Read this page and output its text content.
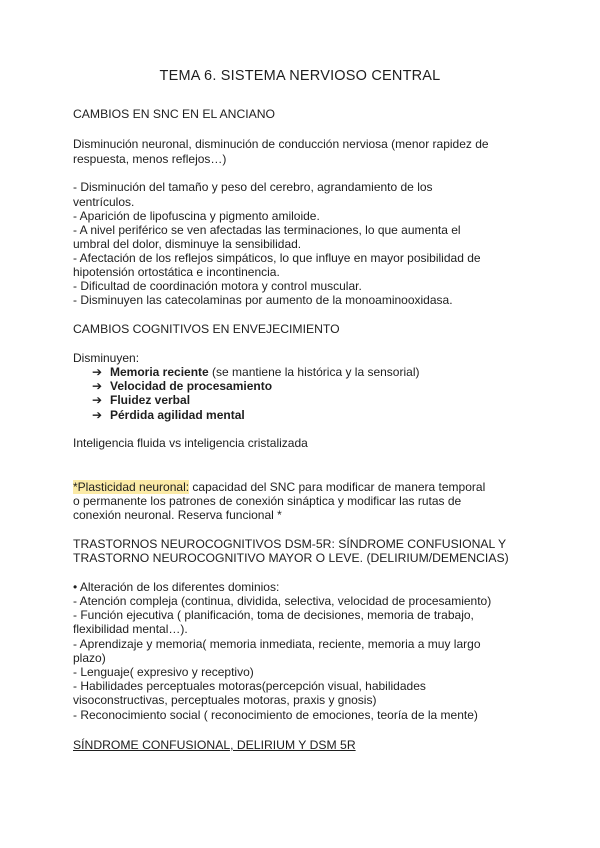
TEMA 6. SISTEMA NERVIOSO CENTRAL
CAMBIOS EN SNC EN EL ANCIANO
Disminución neuronal, disminución de conducción nerviosa (menor rapidez de
respuesta, menos reflejos…)
- Disminución del tamaño y peso del cerebro, agrandamiento de los
ventrículos.
- Aparición de lipofuscina y pigmento amiloide.
- A nivel periférico se ven afectadas las terminaciones, lo que aumenta el
umbral del dolor, disminuye la sensibilidad.
- Afectación de los reflejos simpáticos, lo que influye en mayor posibilidad de
hipotensión ortostática e incontinencia.
- Dificultad de coordinación motora y control muscular.
- Disminuyen las catecolaminas por aumento de la monoaminooxidasa.
CAMBIOS COGNITIVOS EN ENVEJECIMIENTO
Disminuyen:
➔ Memoria reciente (se mantiene la histórica y la sensorial)
➔ Velocidad de procesamiento
➔ Fluidez verbal
➔ Pérdida agilidad mental
Inteligencia fluida vs inteligencia cristalizada
*Plasticidad neuronal: capacidad del SNC para modificar de manera temporal
o permanente los patrones de conexión sináptica y modificar las rutas de
conexión neuronal. Reserva funcional *
TRASTORNOS NEUROCOGNITIVOS DSM-5R: SÍNDROME CONFUSIONAL Y
TRASTORNO NEUROCOGNITIVO MAYOR O LEVE. (DELIRIUM/DEMENCIAS)
• Alteración de los diferentes dominios:
- Atención compleja (continua, dividida, selectiva, velocidad de procesamiento)
- Función ejecutiva ( planificación, toma de decisiones, memoria de trabajo,
flexibilidad mental…).
- Aprendizaje y memoria( memoria inmediata, reciente, memoria a muy largo
plazo)
- Lenguaje( expresivo y receptivo)
- Habilidades perceptuales motoras(percepción visual, habilidades
visoconstructivas, perceptuales motoras, praxis y gnosis)
- Reconocimiento social ( reconocimiento de emociones, teoría de la mente)
SÍNDROME CONFUSIONAL, DELIRIUM Y DSM 5R
